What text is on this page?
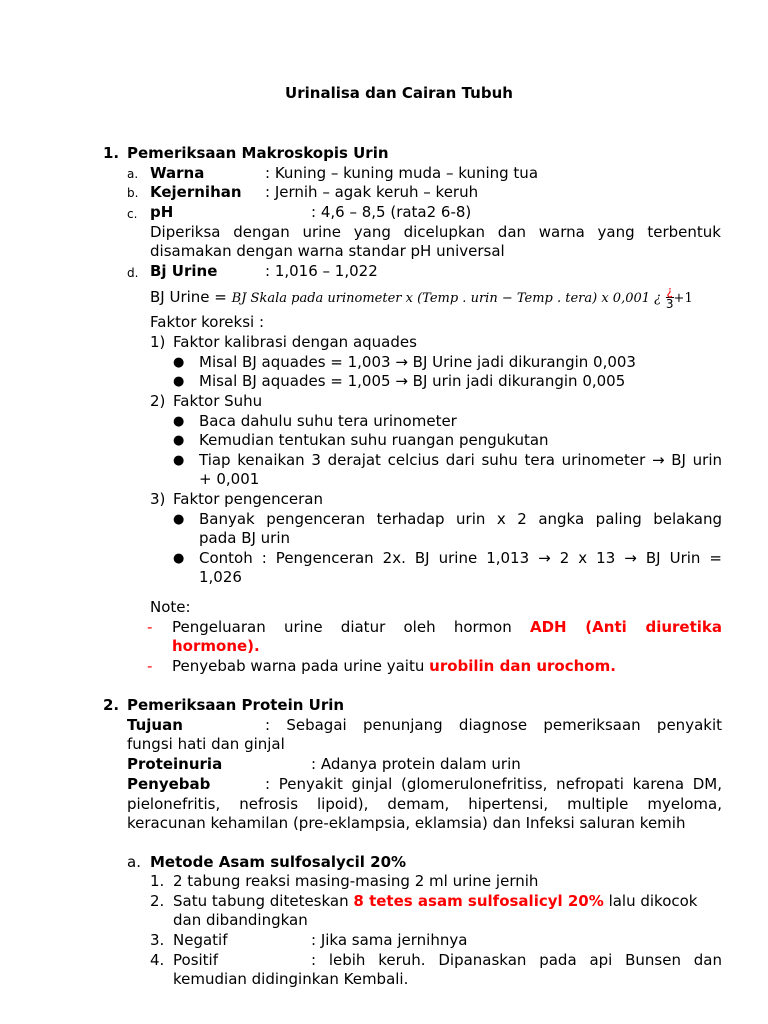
Urinalisa dan Cairan Tubuh
1. Pemeriksaan Makroskopis Urin
a. Warna	: Kuning – kuning muda – kuning tua
b. Kejernihan : Jernih – agak keruh – keruh
c. pH	: 4,6 – 8,5 (rata2 6-8)
Diperiksa dengan urine yang dicelupkan dan warna yang terbentuk
disamakan dengan warna standar pH universal
d. Bj Urine	: 1,016 – 1,022
BJ Urine = BJ Skala pada urinometer x (Temp . urin − Temp . tera) x 0,001 ¿ $\frac{¿}{3} +1$
Faktor koreksi :
1) Faktor kalibrasi dengan aquades
● Misal BJ aquades = 1,003 → BJ Urine jadi dikurangin 0,003
● Misal BJ aquades = 1,005 → BJ urin jadi dikurangin 0,005
2) Faktor Suhu
● Baca dahulu suhu tera urinometer
● Kemudian tentukan suhu ruangan pengukutan
● Tiap kenaikan 3 derajat celcius dari suhu tera urinometer → BJ urin
+ 0,001
3) Faktor pengenceran
● Banyak pengenceran terhadap urin x 2 angka paling belakang
pada BJ urin
● Contoh : Pengenceran 2x. BJ urine 1,013 → 2 x 13 → BJ Urin =
1,026
Note:
- Pengeluaran urine diatur oleh hormon ADH (Anti diuretika
hormone).
- Penyebab warna pada urine yaitu urobilin dan urochom.
2. Pemeriksaan Protein Urin
Tujuan	: Sebagai penunjang diagnose pemeriksaan penyakit
fungsi hati dan ginjal
Proteinuria	: Adanya protein dalam urin
Penyebab	: Penyakit ginjal (glomerulonefritiss, nefropati karena DM,
pielonefritis, nefrosis lipoid), demam, hipertensi, multiple myeloma,
keracunan kehamilan (pre-eklampsia, eklamsia) dan Infeksi saluran kemih
a. Metode Asam sulfosalycil 20%
1. 2 tabung reaksi masing-masing 2 ml urine jernih
2. Satu tabung diteteskan 8 tetes asam sulfosalicyl 20% lalu dikocok
dan dibandingkan
3. Negatif	: Jika sama jernihnya
4. Positif	: lebih keruh. Dipanaskan pada api Bunsen dan
kemudian didinginkan Kembali.
